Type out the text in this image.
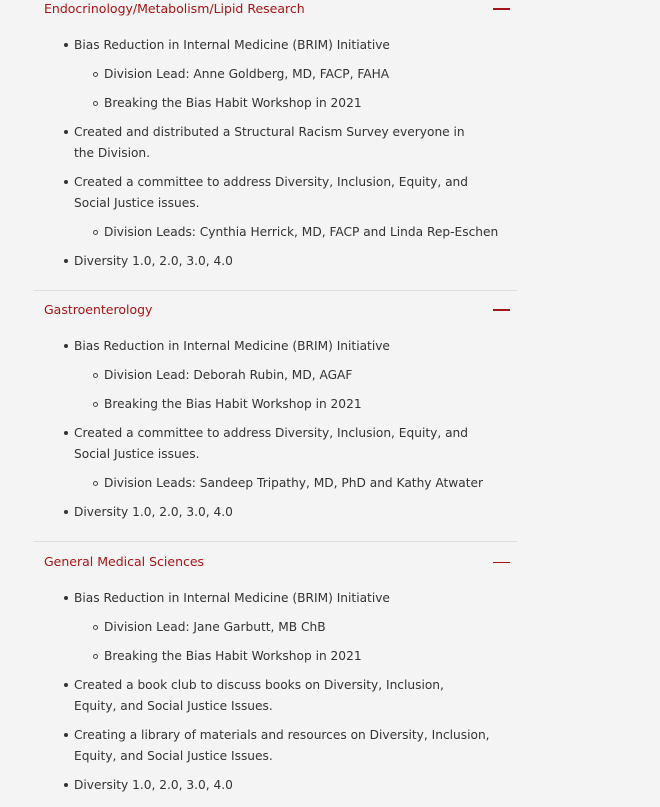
Endocrinology/Metabolism/Lipid Research
Bias Reduction in Internal Medicine (BRIM) Initiative
Division Lead: Anne Goldberg, MD, FACP, FAHA
Breaking the Bias Habit Workshop in 2021
Created and distributed a Structural Racism Survey everyone in the Division.
Created a committee to address Diversity, Inclusion, Equity, and Social Justice issues.
Division Leads: Cynthia Herrick, MD, FACP and Linda Rep-Eschen
Diversity 1.0, 2.0, 3.0, 4.0
Gastroenterology
Bias Reduction in Internal Medicine (BRIM) Initiative
Division Lead: Deborah Rubin, MD, AGAF
Breaking the Bias Habit Workshop in 2021
Created a committee to address Diversity, Inclusion, Equity, and Social Justice issues.
Division Leads: Sandeep Tripathy, MD, PhD and Kathy Atwater
Diversity 1.0, 2.0, 3.0, 4.0
General Medical Sciences
Bias Reduction in Internal Medicine (BRIM) Initiative
Division Lead: Jane Garbutt, MB ChB
Breaking the Bias Habit Workshop in 2021
Created a book club to discuss books on Diversity, Inclusion, Equity, and Social Justice Issues.
Creating a library of materials and resources on Diversity, Inclusion, Equity, and Social Justice Issues.
Diversity 1.0, 2.0, 3.0, 4.0
